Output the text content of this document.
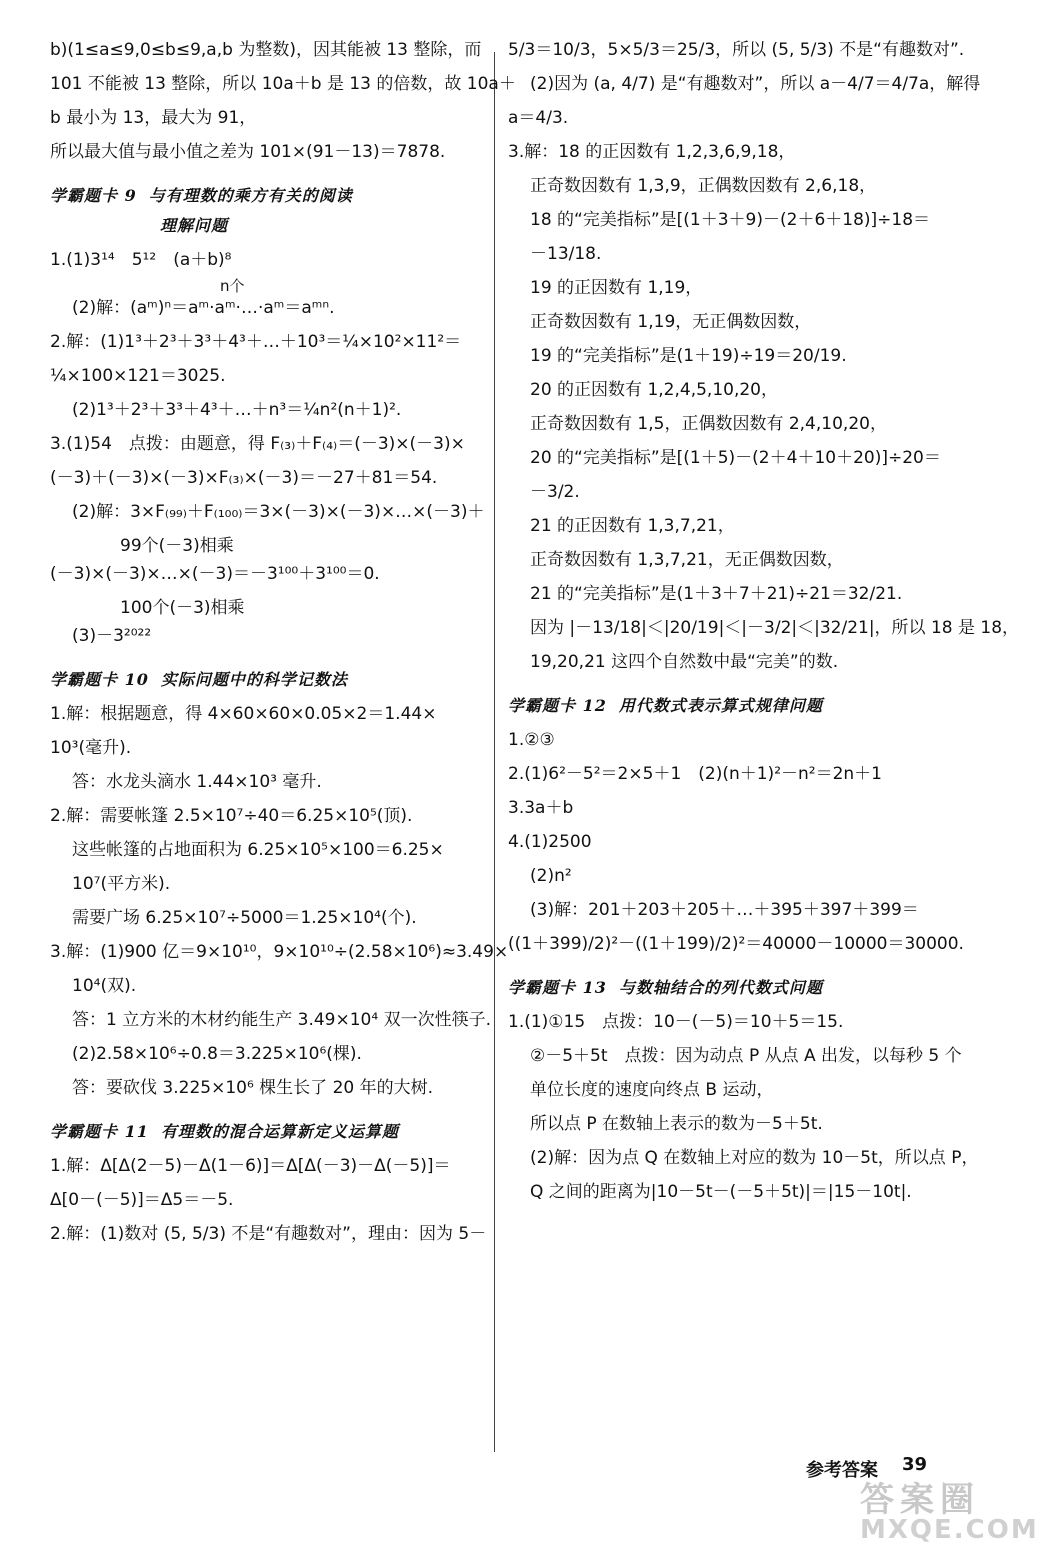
b)(1≤a≤9,0≤b≤9,a,b 为整数)，因其能被 13 整除，而
101 不能被 13 整除，所以 10a＋b 是 13 的倍数，故 10a＋
b 最小为 13，最大为 91，
所以最大值与最小值之差为 101×(91－13)＝7878.
学霸题卡 9 与有理数的乘方有关的阅读
理解问题
1.(1)3¹⁴　5¹²　(a＋b)⁸
n个
(2)解：(aᵐ)ⁿ＝aᵐ·aᵐ·…·aᵐ＝aᵐⁿ.
2.解：(1)1³＋2³＋3³＋4³＋…＋10³＝¼×10²×11²＝
¼×100×121＝3025.
(2)1³＋2³＋3³＋4³＋…＋n³＝¼n²(n＋1)².
3.(1)54　点拨：由题意，得 F₍₃₎＋F₍₄₎＝(－3)×(－3)×
(－3)＋(－3)×(－3)×F₍₃₎×(－3)＝－27＋81＝54.
(2)解：3×F₍₉₉₎＋F₍₁₀₀₎＝3×(－3)×(－3)×…×(－3)＋
99个(－3)相乘
(－3)×(－3)×…×(－3)＝－3¹⁰⁰＋3¹⁰⁰＝0.
100个(－3)相乘
(3)－3²⁰²²
学霸题卡 10 实际问题中的科学记数法
1.解：根据题意，得 4×60×60×0.05×2＝1.44×
10³(毫升).
答：水龙头滴水 1.44×10³ 毫升.
2.解：需要帐篷 2.5×10⁷÷40＝6.25×10⁵(顶).
这些帐篷的占地面积为 6.25×10⁵×100＝6.25×
10⁷(平方米).
需要广场 6.25×10⁷÷5000＝1.25×10⁴(个).
3.解：(1)900 亿＝9×10¹⁰，9×10¹⁰÷(2.58×10⁶)≈3.49×
10⁴(双).
答：1 立方米的木材约能生产 3.49×10⁴ 双一次性筷子.
(2)2.58×10⁶÷0.8＝3.225×10⁶(棵).
答：要砍伐 3.225×10⁶ 棵生长了 20 年的大树.
学霸题卡 11 有理数的混合运算新定义运算题
1.解：Δ[Δ(2－5)－Δ(1－6)]＝Δ[Δ(－3)－Δ(－5)]＝
Δ[0－(－5)]＝Δ5＝－5.
2.解：(1)数对 (5, 5/3) 不是“有趣数对”，理由：因为 5－
5/3＝10/3，5×5/3＝25/3，所以 (5, 5/3) 不是“有趣数对”.
(2)因为 (a, 4/7) 是“有趣数对”，所以 a－4/7＝4/7a，解得
a＝4/3.
3.解：18 的正因数有 1,2,3,6,9,18，
正奇数因数有 1,3,9，正偶数因数有 2,6,18，
18 的“完美指标”是[(1＋3＋9)－(2＋6＋18)]÷18＝
－13/18.
19 的正因数有 1,19，
正奇数因数有 1,19，无正偶数因数，
19 的“完美指标”是(1＋19)÷19＝20/19.
20 的正因数有 1,2,4,5,10,20，
正奇数因数有 1,5，正偶数因数有 2,4,10,20，
20 的“完美指标”是[(1＋5)－(2＋4＋10＋20)]÷20＝
－3/2.
21 的正因数有 1,3,7,21，
正奇数因数有 1,3,7,21，无正偶数因数，
21 的“完美指标”是(1＋3＋7＋21)÷21＝32/21.
因为 |－13/18|＜|20/19|＜|－3/2|＜|32/21|，所以 18 是 18，
19,20,21 这四个自然数中最“完美”的数.
学霸题卡 12 用代数式表示算式规律问题
1.②③
2.(1)6²－5²＝2×5＋1　(2)(n＋1)²－n²＝2n＋1
3.3a＋b
4.(1)2500
(2)n²
(3)解：201＋203＋205＋…＋395＋397＋399＝
((1＋399)/2)²－((1＋199)/2)²＝40000－10000＝30000.
学霸题卡 13 与数轴结合的列代数式问题
1.(1)①15　点拨：10－(－5)＝10＋5＝15.
②－5＋5t　点拨：因为动点 P 从点 A 出发，以每秒 5 个
单位长度的速度向终点 B 运动，
所以点 P 在数轴上表示的数为－5＋5t.
(2)解：因为点 Q 在数轴上对应的数为 10－5t，所以点 P，
Q 之间的距离为|10－5t－(－5＋5t)|＝|15－10t|.
参考答案 39
答案圈
MXQE.COM
